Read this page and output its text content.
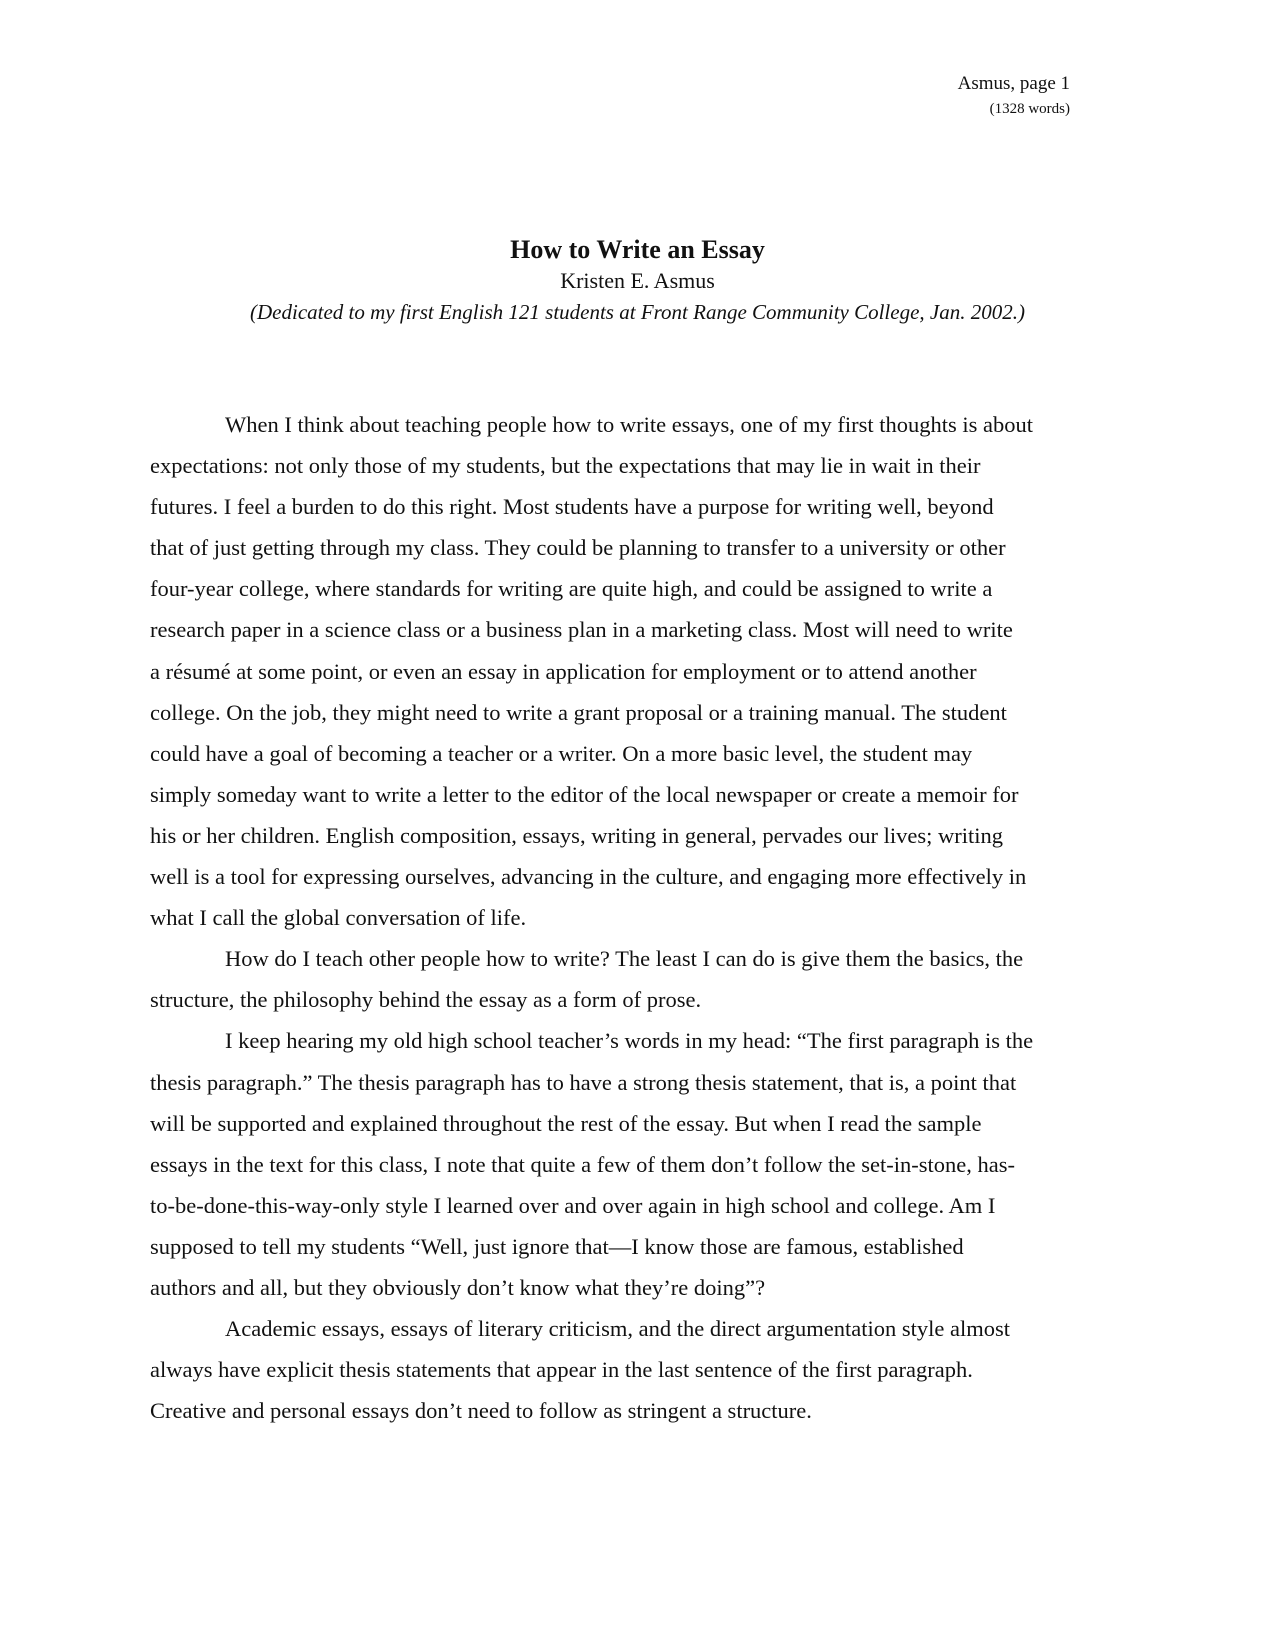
Asmus, page 1
(1328 words)
How to Write an Essay
Kristen E. Asmus
(Dedicated to my first English 121 students at Front Range Community College, Jan. 2002.)
When I think about teaching people how to write essays, one of my first thoughts is about
expectations: not only those of my students, but the expectations that may lie in wait in their
futures. I feel a burden to do this right. Most students have a purpose for writing well, beyond
that of just getting through my class. They could be planning to transfer to a university or other
four-year college, where standards for writing are quite high, and could be assigned to write a
research paper in a science class or a business plan in a marketing class. Most will need to write
a résumé at some point, or even an essay in application for employment or to attend another
college. On the job, they might need to write a grant proposal or a training manual. The student
could have a goal of becoming a teacher or a writer. On a more basic level, the student may
simply someday want to write a letter to the editor of the local newspaper or create a memoir for
his or her children. English composition, essays, writing in general, pervades our lives; writing
well is a tool for expressing ourselves, advancing in the culture, and engaging more effectively in
what I call the global conversation of life.
How do I teach other people how to write? The least I can do is give them the basics, the
structure, the philosophy behind the essay as a form of prose.
I keep hearing my old high school teacher’s words in my head: “The first paragraph is the
thesis paragraph.” The thesis paragraph has to have a strong thesis statement, that is, a point that
will be supported and explained throughout the rest of the essay. But when I read the sample
essays in the text for this class, I note that quite a few of them don’t follow the set-in-stone, has-
to-be-done-this-way-only style I learned over and over again in high school and college. Am I
supposed to tell my students “Well, just ignore that—I know those are famous, established
authors and all, but they obviously don’t know what they’re doing”?
Academic essays, essays of literary criticism, and the direct argumentation style almost
always have explicit thesis statements that appear in the last sentence of the first paragraph.
Creative and personal essays don’t need to follow as stringent a structure.
